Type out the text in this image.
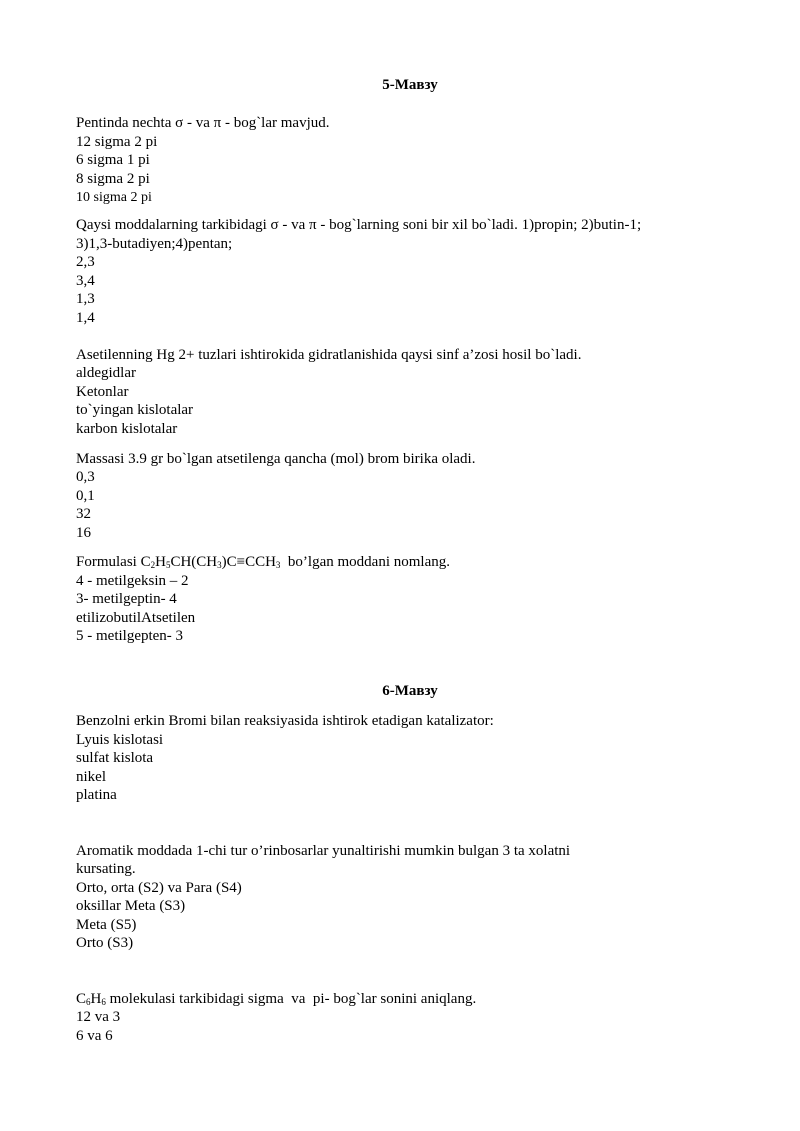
5-Мавзу
Pentinda nechta σ - va π - bog`lar mavjud.
12 sigma 2 pi
6 sigma 1 pi
8 sigma 2 pi
10 sigma 2 pi
Qaysi moddalarning tarkibidagi σ - va π - bog`larning soni bir xil bo`ladi. 1)propin; 2)butin-1;
3)1,3-butadiyen;4)pentan;
2,3
3,4
1,3
1,4
Asetilenning Hg 2+ tuzlari ishtirokida gidratlanishida qaysi sinf a’zosi hosil bo`ladi.
aldegidlar
Ketonlar
to`yingan kislotalar
karbon kislotalar
Massasi 3.9 gr bo`lgan atsetilenga qancha (mol) brom birika oladi.
0,3
0,1
32
16
Formulasi $C_2H_5CH(CH_3)C\equiv CCH_3$  bo’lgan moddani nomlang.
4 - metilgeksin – 2
3- metilgeptin- 4
etilizobutilAtsetilen
5 - metilgepten- 3
6-Мавзу
Benzolni erkin Bromi bilan reaksiyasida ishtirok etadigan katalizator:
Lyuis kislotasi
sulfat kislota
nikel
platina
Aromatik moddada 1-chi tur o’rinbosarlar yunaltirishi mumkin bulgan 3 ta xolatni
kursating.
Orto, orta (S2) va Para (S4)
oksillar Meta (S3)
Meta (S5)
Orto (S3)
$C_6H_6$ molekulasi tarkibidagi sigma  va  pi- bog`lar sonini aniqlang.
12 va 3
6 va 6
